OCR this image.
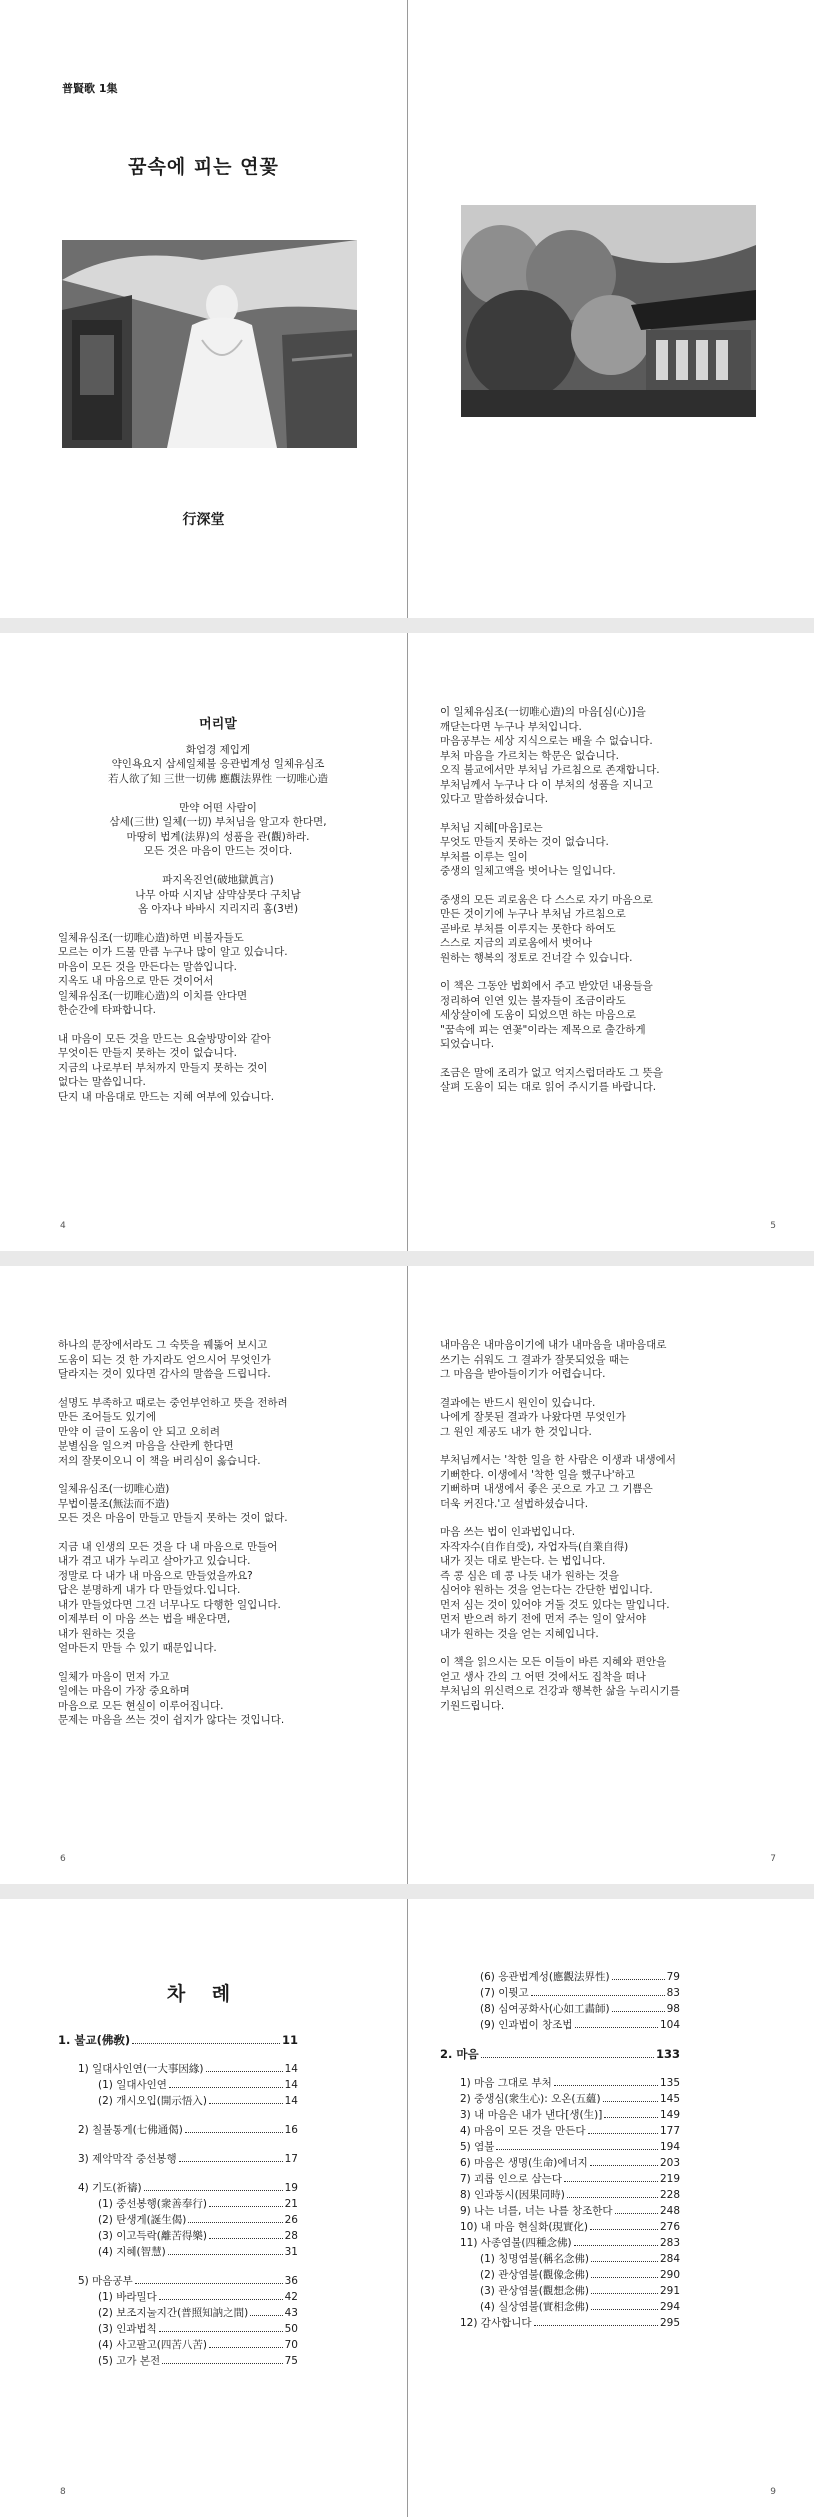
普賢歌 1集
꿈속에 피는 연꽃
行深堂

머리말

화엄경 제입게

약인욕요지 삼세일체불 응관법계성 일체유심조

若人欲了知 三世一切佛 應觀法界性 一切唯心造

만약 어떤 사람이

삼세(三世) 일체(一切) 부처님을 알고자 한다면,

마땅히 법계(法界)의 성품을 관(觀)하라.

모든 것은 마음이 만드는 것이다.

파지옥진언(破地獄眞言)

나무 아따 시지남 삼먁삼못다 구치남

옴 아자나 바바시 지리지리 훔(3번)

일체유심조(一切唯心造)하면 비불자들도

모르는 이가 드물 만큼 누구나 많이 알고 있습니다.

마음이 모든 것을 만든다는 말씀입니다.

지옥도 내 마음으로 만든 것이어서

일체유심조(一切唯心造)의 이치를 안다면

한순간에 타파합니다.

내 마음이 모든 것을 만드는 요술방망이와 같아

무엇이든 만들지 못하는 것이 없습니다.

지금의 나로부터 부처까지 만들지 못하는 것이

없다는 말씀입니다.

단지 내 마음대로 만드는 지혜 여부에 있습니다.

4

이 일체유심조(一切唯心造)의 마음[심(心)]을

깨닫는다면 누구나 부처입니다.

마음공부는 세상 지식으로는 배울 수 없습니다.

부처 마음을 가르치는 학문은 없습니다.

오직 불교에서만 부처님 가르침으로 존재합니다.

부처님께서 누구나 다 이 부처의 성품을 지니고

있다고 말씀하셨습니다.

부처님 지혜[마음]로는

무엇도 만들지 못하는 것이 없습니다.

부처를 이루는 일이

중생의 일체고액을 벗어나는 일입니다.

중생의 모든 괴로움은 다 스스로 자기 마음으로

만든 것이기에 누구나 부처님 가르침으로

곧바로 부처를 이루지는 못한다 하여도

스스로 지금의 괴로움에서 벗어나

원하는 행복의 정토로 건너갈 수 있습니다.

이 책은 그동안 법회에서 주고 받았던 내용들을

정리하여 인연 있는 불자들이 조금이라도

세상살이에 도움이 되었으면 하는 마음으로

"꿈속에 피는 연꽃"이라는 제목으로 출간하게

되었습니다.

조금은 말에 조리가 없고 억지스럽더라도 그 뜻을

살펴 도움이 되는 대로 읽어 주시기를 바랍니다.

5

하나의 문장에서라도 그 숙뜻을 꿰뚫어 보시고

도움이 되는 것 한 가지라도 얻으시어 무엇인가

달라지는 것이 있다면 감사의 말씀을 드립니다.

설명도 부족하고 때로는 중언부언하고 뜻을 전하려

만든 조어들도 있기에

만약 이 글이 도움이 안 되고 오히려

분별심을 일으켜 마음을 산란케 한다면

저의 잘못이오니 이 책을 버리심이 옳습니다.

일체유심조(一切唯心造)

무법이불조(無法而不造)

모든 것은 마음이 만들고 만들지 못하는 것이 없다.

지금 내 인생의 모든 것을 다 내 마음으로 만들어

내가 겪고 내가 누리고 살아가고 있습니다.

정말로 다 내가 내 마음으로 만들었을까요?

답은 분명하게 내가 다 만들었다.입니다.

내가 만들었다면 그건 너무나도 다행한 일입니다.

이제부터 이 마음 쓰는 법을 배운다면,

내가 원하는 것을

얼마든지 만들 수 있기 때문입니다.

일체가 마음이 먼저 가고

일에는 마음이 가장 중요하며

마음으로 모든 현실이 이루어집니다.

문제는 마음을 쓰는 것이 쉽지가 않다는 것입니다.

6

내마음은 내마음이기에 내가 내마음을 내마음대로

쓰기는 쉬워도 그 결과가 잘못되었을 때는

그 마음을 받아들이기가 어렵습니다.

결과에는 반드시 원인이 있습니다.

나에게 잘못된 결과가 나왔다면 무엇인가

그 원인 제공도 내가 한 것입니다.

부처님께서는 '착한 일을 한 사람은 이생과 내생에서

기뻐한다. 이생에서 '착한 일을 했구나'하고

기뻐하며 내생에서 좋은 곳으로 가고 그 기쁨은

더욱 커진다.'고 설법하셨습니다.

마음 쓰는 법이 인과법입니다.

자작자수(自作自受), 자업자득(自業自得)

내가 짓는 대로 받는다. 는 법입니다.

즉 콩 심은 데 콩 나듯 내가 원하는 것을

심어야 원하는 것을 얻는다는 간단한 법입니다.

먼저 심는 것이 있어야 거둘 것도 있다는 말입니다.

먼저 받으려 하기 전에 먼저 주는 일이 앞서야

내가 원하는 것을 얻는 지혜입니다.

이 책을 읽으시는 모든 이들이 바른 지혜와 편안을

얻고 생사 간의 그 어떤 것에서도 집착을 떠나

부처님의 위신력으로 건강과 행복한 삶을 누리시기를

기원드립니다.

7
차 례
1. 불교(佛敎)	11
1) 일대사인연(一大事因緣)	14
(1) 일대사인연	14
(2) 개시오입(開示悟入)	14
2) 칠불통게(七佛通偈)	16
3) 제악막작 중선봉행	17
4) 기도(祈禱)	19
(1) 중선봉행(衆善奉行)	21
(2) 탄생게(誕生偈)	26
(3) 이고득락(離苦得樂)	28
(4) 지혜(智慧)	31
5) 마음공부	36
(1) 바라밀다	42
(2) 보조지눌지간(普照知訥之間)	43
(3) 인과법칙	50
(4) 사고팔고(四苦八苦)	70
(5) 고가 본전	75
8
(6) 응관법계성(應觀法界性)	79
(7) 이뭣고	83
(8) 심여공화사(心如工畵師)	98
(9) 인과법이 창조법	104
2. 마음	133
1) 마음 그대로 부처	135
2) 중생심(衆生心): 오온(五蘊)	145
3) 내 마음은 내가 낸다[생(生)]	149
4) 마음이 모든 것을 만든다	177
5) 염불	194
6) 마음은 생명(生命)에너지	203
7) 괴롭 인으로 삼는다	219
8) 인과동시(因果同時)	228
9) 나는 너를, 너는 나를 창조한다	248
10) 내 마음 현실화(現實化)	276
11) 사종염불(四種念佛)	283
(1) 칭명염불(稱名念佛)	284
(2) 관상염불(觀像念佛)	290
(3) 관상염불(觀想念佛)	291
(4) 실상염불(實相念佛)	294
12) 감사합니다	295
9
